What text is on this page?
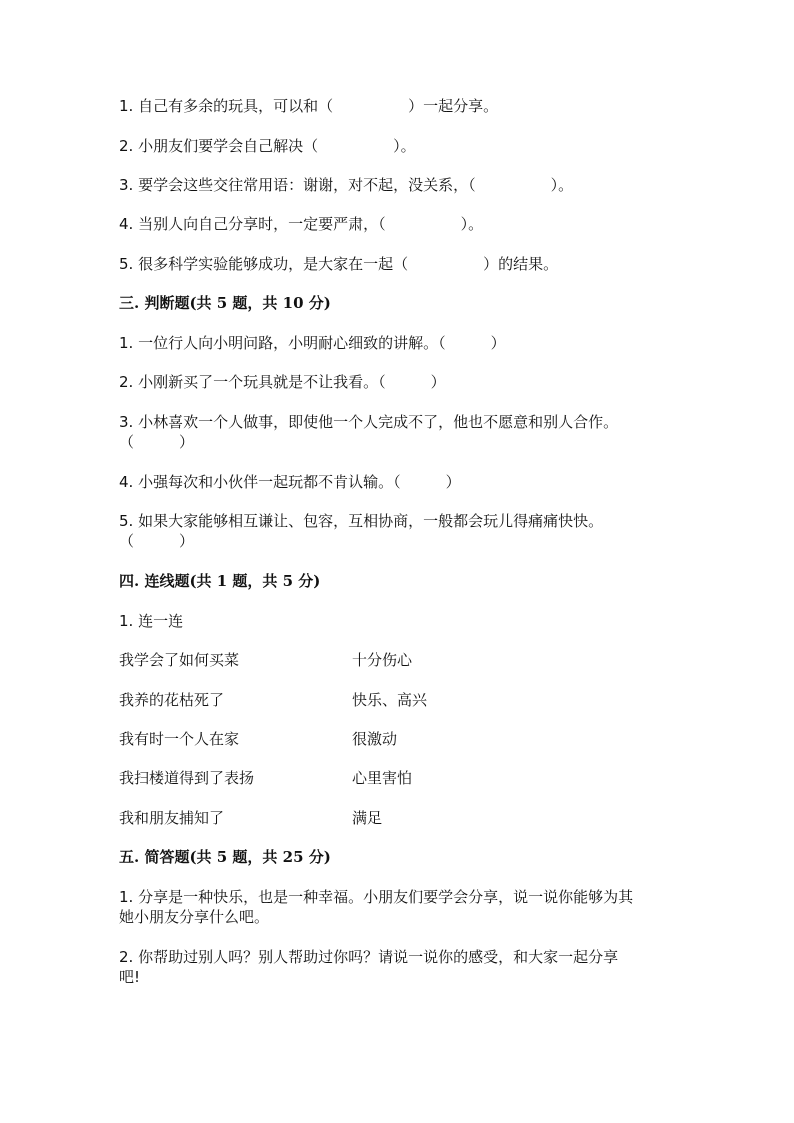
1. 自己有多余的玩具，可以和（　　　　　）一起分享。
2. 小朋友们要学会自己解决（　　　　　）。
3. 要学会这些交往常用语：谢谢，对不起，没关系，（　　　　　）。
4. 当别人向自己分享时，一定要严肃，（　　　　　）。
5. 很多科学实验能够成功，是大家在一起（　　　　　）的结果。
三. 判断题(共 5 题，共 10 分)
1. 一位行人向小明问路，小明耐心细致的讲解。（　　　）
2. 小刚新买了一个玩具就是不让我看。（　　　）
3. 小林喜欢一个人做事，即使他一个人完成不了，他也不愿意和别人合作。
（　　　）
4. 小强每次和小伙伴一起玩都不肯认输。（　　　）
5. 如果大家能够相互谦让、包容，互相协商，一般都会玩儿得痛痛快快。
（　　　）
四. 连线题(共 1 题，共 5 分)
1. 连一连
我学会了如何买菜	十分伤心
我养的花枯死了	快乐、高兴
我有时一个人在家	很激动
我扫楼道得到了表扬	心里害怕
我和朋友捕知了	满足
五. 简答题(共 5 题，共 25 分)
1. 分享是一种快乐，也是一种幸福。小朋友们要学会分享，说一说你能够为其
她小朋友分享什么吧。
2. 你帮助过别人吗？别人帮助过你吗？请说一说你的感受，和大家一起分享
吧!
